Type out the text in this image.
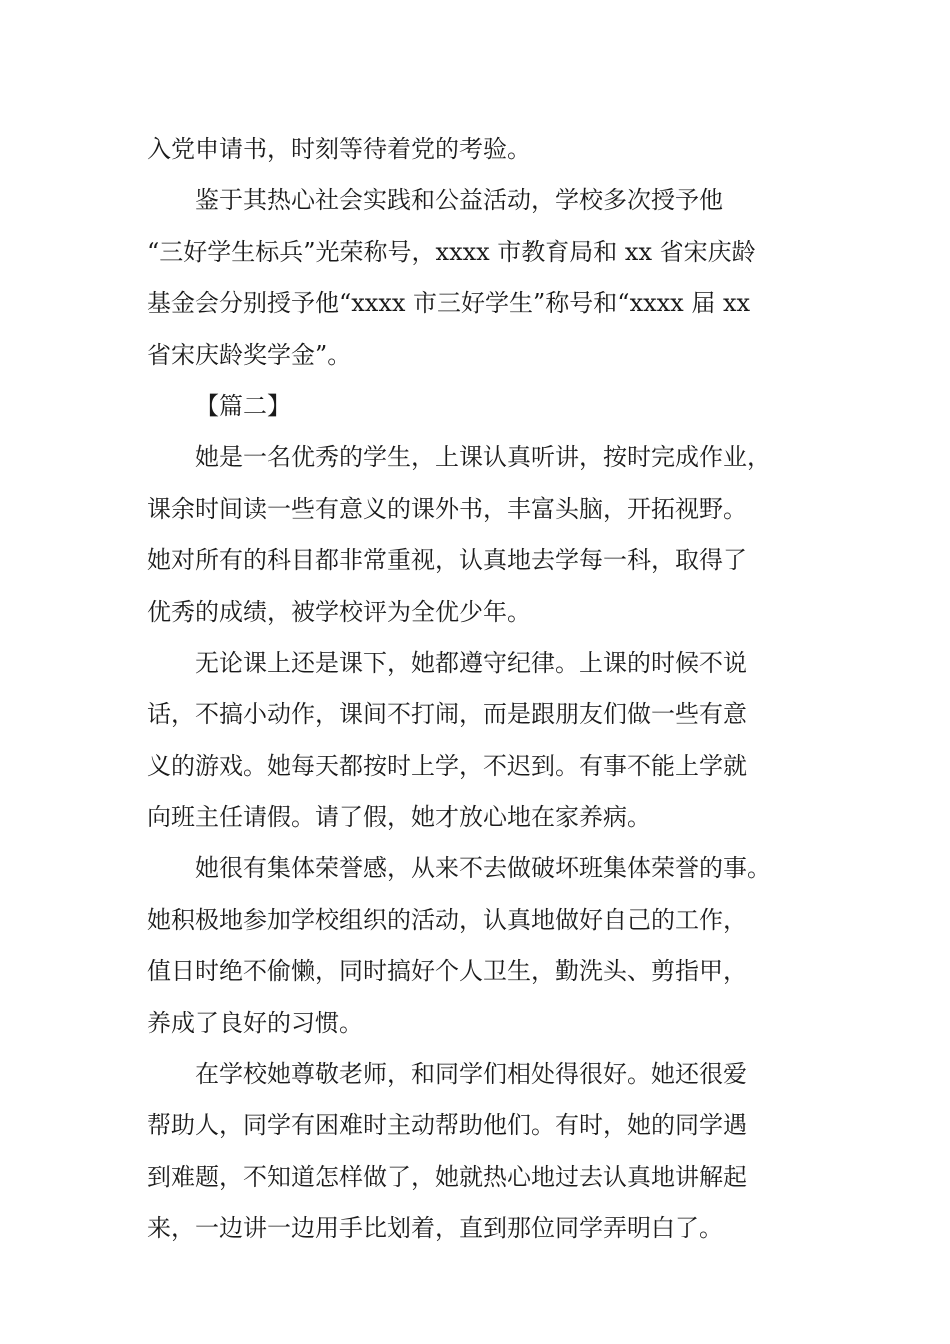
入党申请书，时刻等待着党的考验。

鉴于其热心社会实践和公益活动，学校多次授予他
“三好学生标兵”光荣称号，xxxx 市教育局和 xx 省宋庆龄
基金会分别授予他“xxxx 市三好学生”称号和“xxxx 届 xx
省宋庆龄奖学金”。

【篇二】

她是一名优秀的学生，上课认真听讲，按时完成作业，
课余时间读一些有意义的课外书，丰富头脑，开拓视野。
她对所有的科目都非常重视，认真地去学每一科，取得了
优秀的成绩，被学校评为全优少年。

无论课上还是课下，她都遵守纪律。上课的时候不说
话，不搞小动作，课间不打闹，而是跟朋友们做一些有意
义的游戏。她每天都按时上学，不迟到。有事不能上学就
向班主任请假。请了假，她才放心地在家养病。

她很有集体荣誉感，从来不去做破坏班集体荣誉的事。
她积极地参加学校组织的活动，认真地做好自己的工作，
值日时绝不偷懒，同时搞好个人卫生，勤洗头、剪指甲，
养成了良好的习惯。

在学校她尊敬老师，和同学们相处得很好。她还很爱
帮助人，同学有困难时主动帮助他们。有时，她的同学遇
到难题，不知道怎样做了，她就热心地过去认真地讲解起
来，一边讲一边用手比划着，直到那位同学弄明白了。
